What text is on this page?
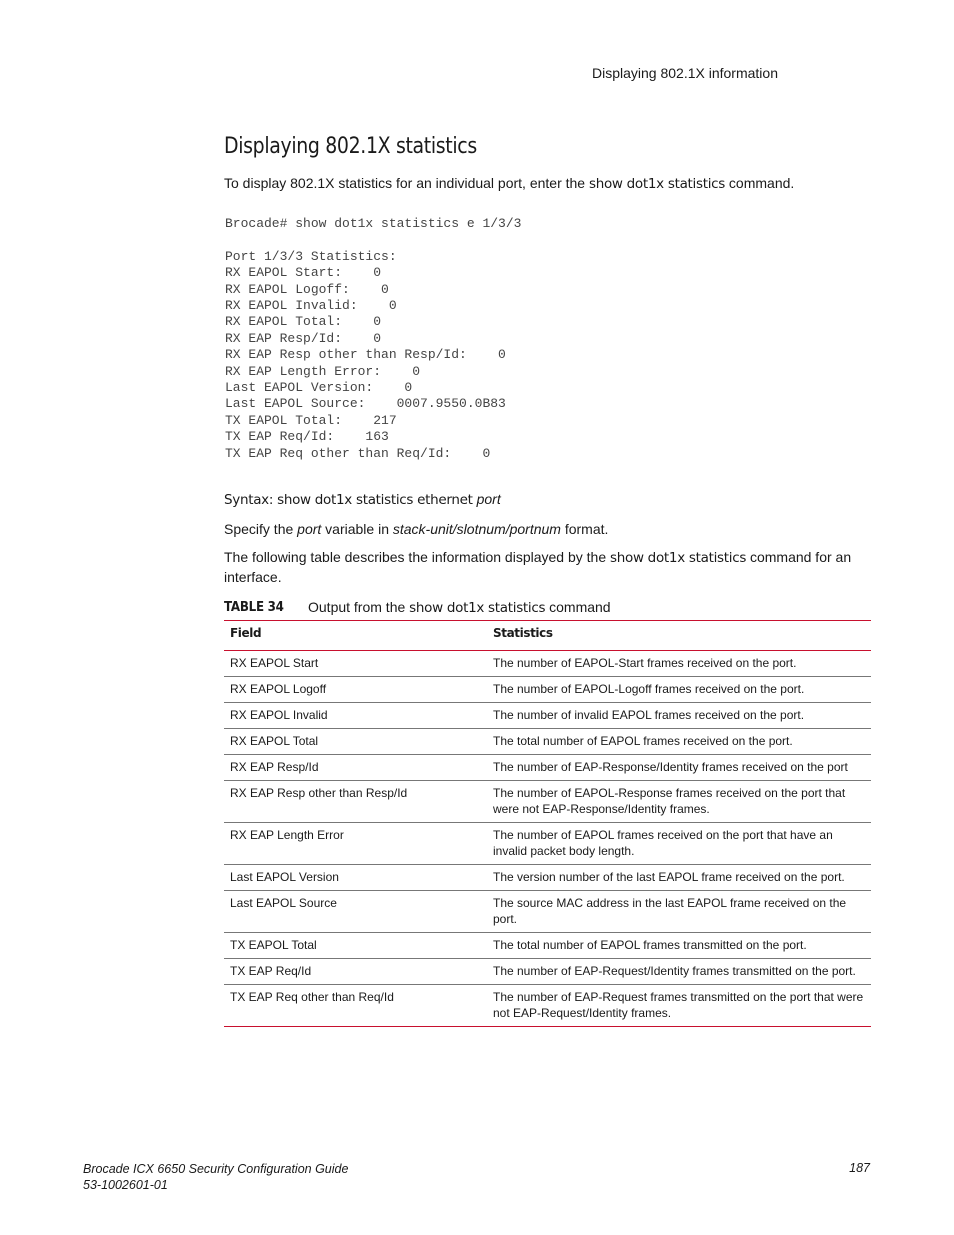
Displaying 802.1X information
Displaying 802.1X statistics

To display 802.1X statistics for an individual port, enter the show dot1x statistics command.

Brocade# show dot1x statistics e 1/3/3

Port 1/3/3 Statistics:
RX EAPOL Start:    0
RX EAPOL Logoff:    0
RX EAPOL Invalid:    0
RX EAPOL Total:    0
RX EAP Resp/Id:    0
RX EAP Resp other than Resp/Id:    0
RX EAP Length Error:    0
Last EAPOL Version:    0
Last EAPOL Source:    0007.9550.0B83
TX EAPOL Total:    217
TX EAP Req/Id:    163
TX EAP Req other than Req/Id:    0

Syntax: show dot1x statistics ethernet port

Specify the port variable in stack-unit/slotnum/portnum format.

The following table describes the information displayed by the show dot1x statistics command for an interface.

TABLE 34	Output from the show dot1x statistics command
Field	Statistics
RX EAPOL Start	The number of EAPOL-Start frames received on the port.
RX EAPOL Logoff	The number of EAPOL-Logoff frames received on the port.
RX EAPOL Invalid	The number of invalid EAPOL frames received on the port.
RX EAPOL Total	The total number of EAPOL frames received on the port.
RX EAP Resp/Id	The number of EAP-Response/Identity frames received on the port
RX EAP Resp other than Resp/Id	The number of EAPOL-Response frames received on the port that were not EAP-Response/Identity frames.
RX EAP Length Error	The number of EAPOL frames received on the port that have an invalid packet body length.
Last EAPOL Version	The version number of the last EAPOL frame received on the port.
Last EAPOL Source	The source MAC address in the last EAPOL frame received on the port.
TX EAPOL Total	The total number of EAPOL frames transmitted on the port.
TX EAP Req/Id	The number of EAP-Request/Identity frames transmitted on the port.
TX EAP Req other than Req/Id	The number of EAP-Request frames transmitted on the port that were not EAP-Request/Identity frames.
Brocade ICX 6650 Security Configuration Guide
53-1002601-01
187
